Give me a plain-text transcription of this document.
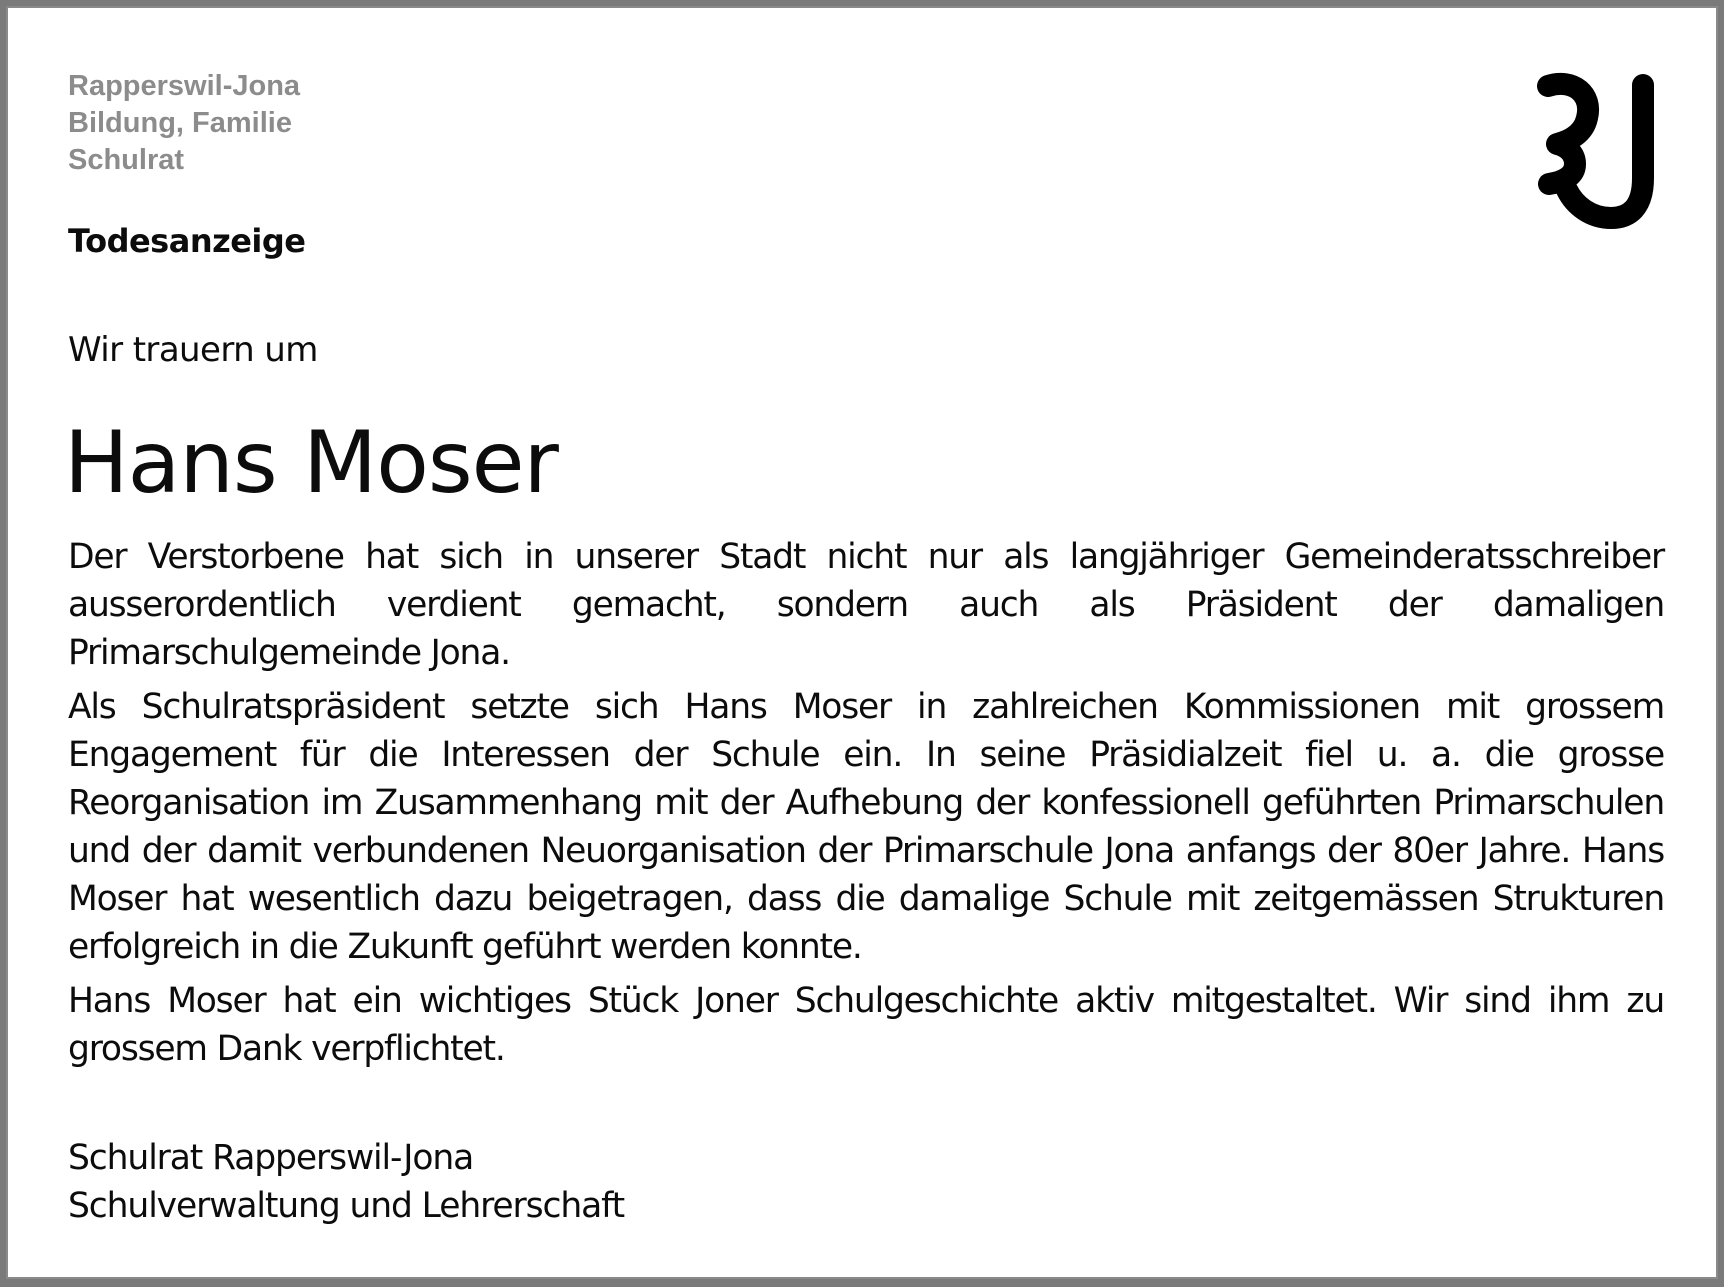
Rapperswil-Jona
Bildung, Familie
Schulrat
Todesanzeige
Wir trauern um
Hans Moser

Der Verstorbene hat sich in unserer Stadt nicht nur als langjähriger Gemeinderatsschreiber ausserordentlich verdient gemacht, sondern auch als Präsident der damaligen Primarschulgemeinde Jona.

Als Schulratspräsident setzte sich Hans Moser in zahlreichen Kommissionen mit grossem Engagement für die Interessen der Schule ein. In seine Präsidialzeit fiel u. a. die grosse Reorganisation im Zusammenhang mit der Aufhebung der konfessionell geführten Primarschulen und der damit verbundenen Neuorganisation der Primarschule Jona anfangs der 80er Jahre. Hans Moser hat wesentlich dazu beigetragen, dass die damalige Schule mit zeitgemässen Strukturen erfolgreich in die Zukunft geführt werden konnte.

Hans Moser hat ein wichtiges Stück Joner Schulgeschichte aktiv mitgestaltet. Wir sind ihm zu grossem Dank verpflichtet.

Schulrat Rapperswil-Jona
Schulverwaltung und Lehrerschaft
